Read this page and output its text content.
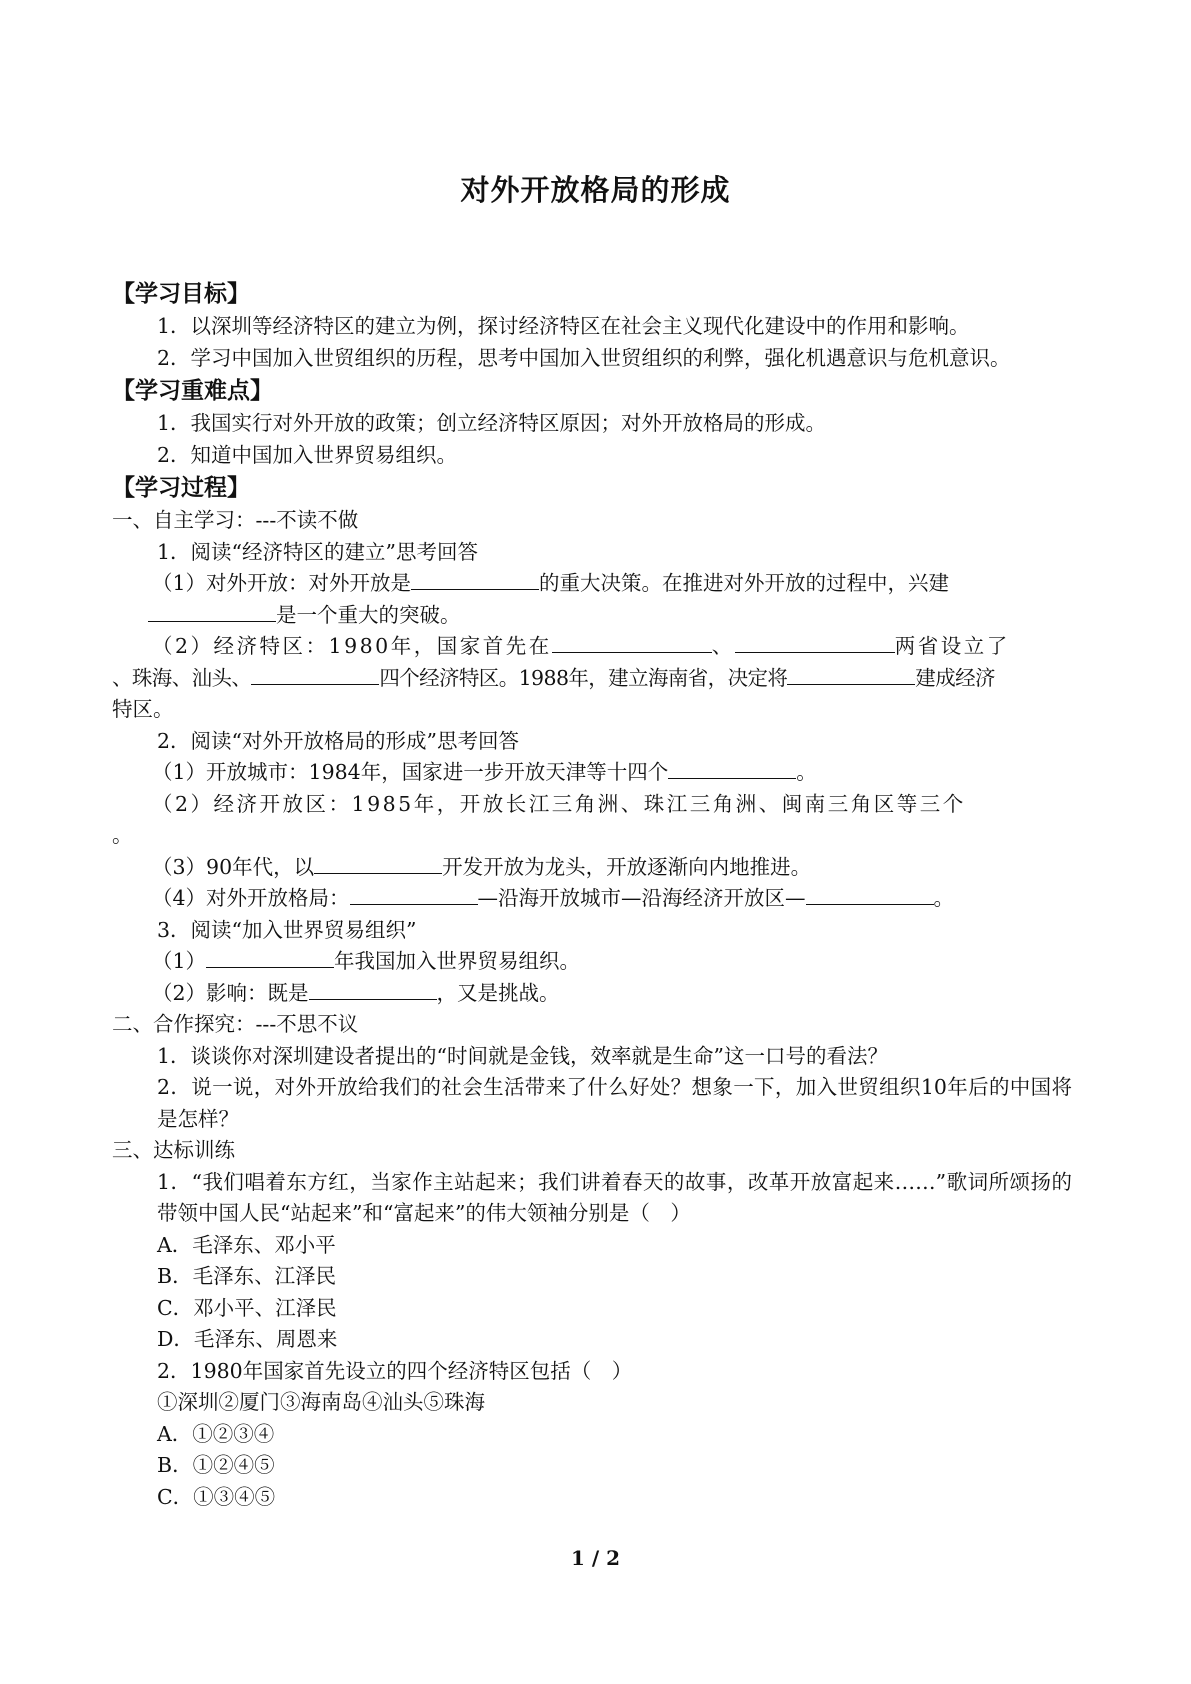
对外开放格局的形成
【学习目标】
1．以深圳等经济特区的建立为例，探讨经济特区在社会主义现代化建设中的作用和影响。
2．学习中国加入世贸组织的历程，思考中国加入世贸组织的利弊，强化机遇意识与危机意识。
【学习重难点】
1．我国实行对外开放的政策；创立经济特区原因；对外开放格局的形成。
2．知道中国加入世界贸易组织。
【学习过程】
一、自主学习：---不读不做
1．阅读“经济特区的建立”思考回答
（1）对外开放：对外开放是	的重大决策。在推进对外开放的过程中，兴建
是一个重大的突破。
（2）经济特区：1980年，国家首先在	、	两省设立了
、珠海、汕头、	四个经济特区。1988年，建立海南省，决定将	建成经济
特区。
2．阅读“对外开放格局的形成”思考回答
（1）开放城市：1984年，国家进一步开放天津等十四个	。
（2）经济开放区：1985年，开放长江三角洲、珠江三角洲、闽南三角区等三个
。
（3）90年代，以	开发开放为龙头，开放逐渐向内地推进。
（4）对外开放格局：	—沿海开放城市—沿海经济开放区—	。
3．阅读“加入世界贸易组织”
（1）	年我国加入世界贸易组织。
（2）影响：既是	，又是挑战。
二、合作探究：---不思不议
1．谈谈你对深圳建设者提出的“时间就是金钱，效率就是生命”这一口号的看法？
2．说一说，对外开放给我们的社会生活带来了什么好处？想象一下，加入世贸组织10年后的中国将是怎样？
三、达标训练
1．“我们唱着东方红，当家作主站起来；我们讲着春天的故事，改革开放富起来……”歌词所颂扬的带领中国人民“站起来”和“富起来”的伟大领袖分别是（　）
A．毛泽东、邓小平
B．毛泽东、江泽民
C．邓小平、江泽民
D．毛泽东、周恩来
2．1980年国家首先设立的四个经济特区包括（　）
①深圳②厦门③海南岛④汕头⑤珠海
A．①②③④
B．①②④⑤
C．①③④⑤
1 / 2
